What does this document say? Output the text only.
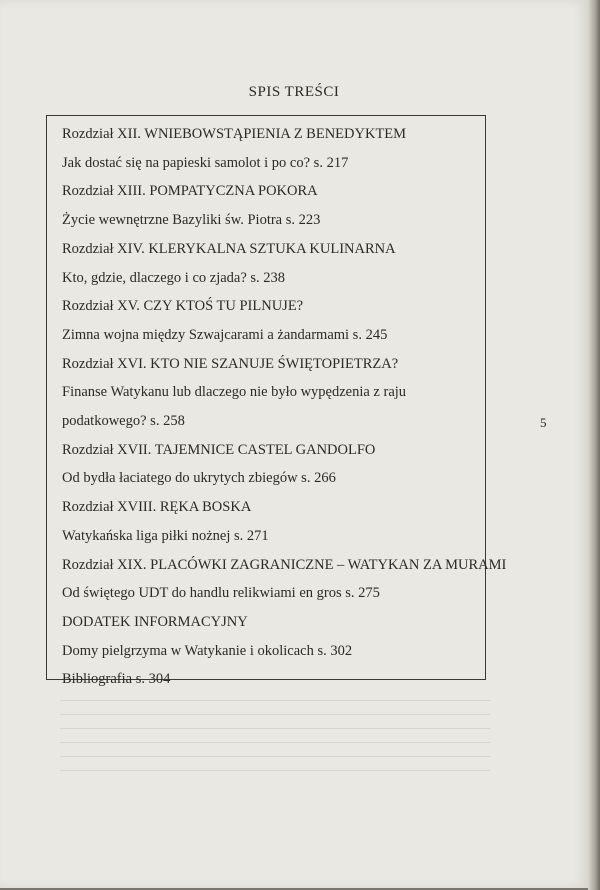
SPIS TREŚCI
Rozdział XII. WNIEBOWSTĄPIENIA Z BENEDYKTEM
Jak dostać się na papieski samolot i po co? s. 217
Rozdział XIII. POMPATYCZNA POKORA
Życie wewnętrzne Bazyliki św. Piotra s. 223
Rozdział XIV. KLERYKALNA SZTUKA KULINARNA
Kto, gdzie, dlaczego i co zjada? s. 238
Rozdział XV. CZY KTOŚ TU PILNUJE?
Zimna wojna między Szwajcarami a żandarmami s. 245
Rozdział XVI. KTO NIE SZANUJE ŚWIĘTOPIETRZA?
Finanse Watykanu lub dlaczego nie było wypędzenia z raju
podatkowego? s. 258
Rozdział XVII. TAJEMNICE CASTEL GANDOLFO
Od bydła łaciatego do ukrytych zbiegów s. 266
Rozdział XVIII. RĘKA BOSKA
Watykańska liga piłki nożnej s. 271
Rozdział XIX. PLACÓWKI ZAGRANICZNE – WATYKAN ZA MURAMI
Od świętego UDT do handlu relikwiami en gros s. 275
DODATEK INFORMACYJNY
Domy pielgrzyma w Watykanie i okolicach s. 302
Bibliografia s. 304
5
